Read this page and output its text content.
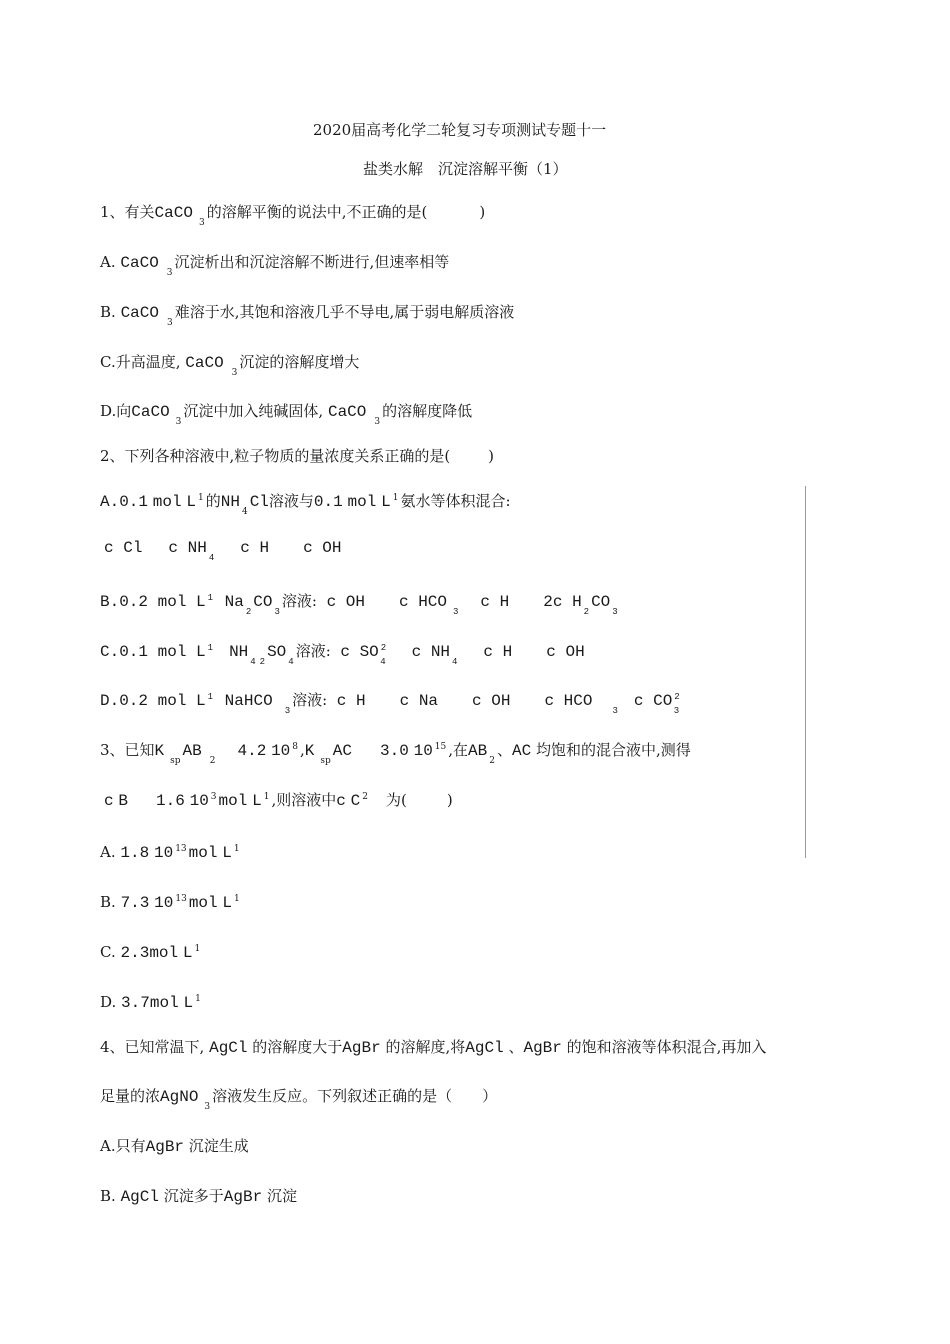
2020届高考化学二轮复习专项测试专题十一
盐类水解　沉淀溶解平衡（1）
1、有关CaCO$_3$的溶解平衡的说法中,不正确的是(	)
A. CaCO$_3$沉淀析出和沉淀溶解不断进行,但速率相等
B. CaCO$_3$难溶于水,其饱和溶液几乎不导电,属于弱电解质溶液
C.升高温度, CaCO$_3$沉淀的溶解度增大
D.向CaCO$_3$沉淀中加入纯碱固体, CaCO$_3$的溶解度降低
2、下列各种溶液中,粒子物质的量浓度关系正确的是(	)
A.0.1 mol L $^1$ 的$NH_4Cl$溶液与0.1 mol L $^1$ 氨水等体积混合:
c Cl c $NH_4c$ H c OH
B.0.2 mol L $^1$ $Na_2CO_3$溶液: c OH c $HCO_3c$ H 2c $H_2CO_3$
C.0.1 mol L $^1$ $NH_4$ $_2SO_4$溶液: c SO $^2_4$c $NH_4c$ H c OH
D.0.2 mol L $^1$ NaHCO$_3$溶液: c H c Na c OH c $HCO_3c$ CO $^2_3$
3、已知$K_{sp}AB_24.2$ 10 $^8$ $,K_{sp}AC$ 3.0 10 $^{15}$ ,在$AB_2$、AC 均饱和的混合液中,测得
c B 1.6 10 $^3$ mol L $^1$ ,则溶液中c C $^2$ 为(	)
A. 1.8 10 $^{13}$ mol L $^1$
B. 7.3 10 $^{13}$ mol L $^1$
C. 2.3mol L $^1$
D. 3.7mol L $^1$
4、已知常温下, AgCl 的溶解度大于AgBr 的溶解度,将AgCl 、AgBr 的饱和溶液等体积混合,再加入
足量的浓AgNO$_3$溶液发生反应。下列叙述正确的是（ ）
A.只有AgBr 沉淀生成
B. AgCl 沉淀多于AgBr 沉淀
